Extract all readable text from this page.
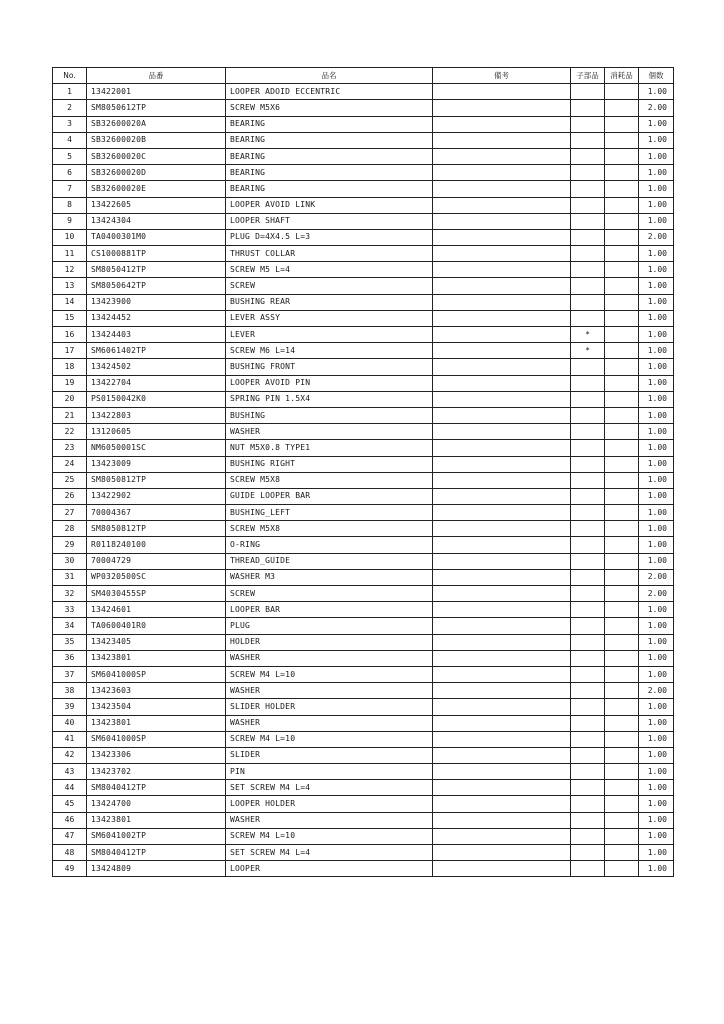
No.	品番	品名	備考	子部品	消耗品	個数
1	13422001	LOOPER ADOID ECCENTRIC				1.00
2	SM8050612TP	SCREW M5X6				2.00
3	SB32600020A	BEARING				1.00
4	SB32600020B	BEARING				1.00
5	SB32600020C	BEARING				1.00
6	SB32600020D	BEARING				1.00
7	SB32600020E	BEARING				1.00
8	13422605	LOOPER AVOID LINK				1.00
9	13424304	LOOPER SHAFT				1.00
10	TA0400301M0	PLUG D=4X4.5 L=3				2.00
11	CS1000881TP	THRUST COLLAR				1.00
12	SM8050412TP	SCREW M5 L=4				1.00
13	SM8050642TP	SCREW				1.00
14	13423900	BUSHING REAR				1.00
15	13424452	LEVER ASSY				1.00
16	13424403	LEVER		*		1.00
17	SM6061402TP	SCREW M6 L=14		*		1.00
18	13424502	BUSHING FRONT				1.00
19	13422704	LOOPER AVOID PIN				1.00
20	PS0150042K0	SPRING PIN 1.5X4				1.00
21	13422803	BUSHING				1.00
22	13120605	WASHER				1.00
23	NM6050001SC	NUT M5X0.8 TYPE1				1.00
24	13423009	BUSHING RIGHT				1.00
25	SM8050812TP	SCREW M5X8				1.00
26	13422902	GUIDE LOOPER BAR				1.00
27	70004367	BUSHING_LEFT				1.00
28	SM8050812TP	SCREW M5X8				1.00
29	R0118240100	O-RING				1.00
30	70004729	THREAD_GUIDE				1.00
31	WP0320500SC	WASHER M3				2.00
32	SM4030455SP	SCREW				2.00
33	13424601	LOOPER BAR				1.00
34	TA0600401R0	PLUG				1.00
35	13423405	HOLDER				1.00
36	13423801	WASHER				1.00
37	SM6041000SP	SCREW M4 L=10				1.00
38	13423603	WASHER				2.00
39	13423504	SLIDER HOLDER				1.00
40	13423801	WASHER				1.00
41	SM6041000SP	SCREW M4 L=10				1.00
42	13423306	SLIDER				1.00
43	13423702	PIN				1.00
44	SM8040412TP	SET SCREW M4 L=4				1.00
45	13424700	LOOPER HOLDER				1.00
46	13423801	WASHER				1.00
47	SM6041002TP	SCREW M4 L=10				1.00
48	SM8040412TP	SET SCREW M4 L=4				1.00
49	13424809	LOOPER				1.00
